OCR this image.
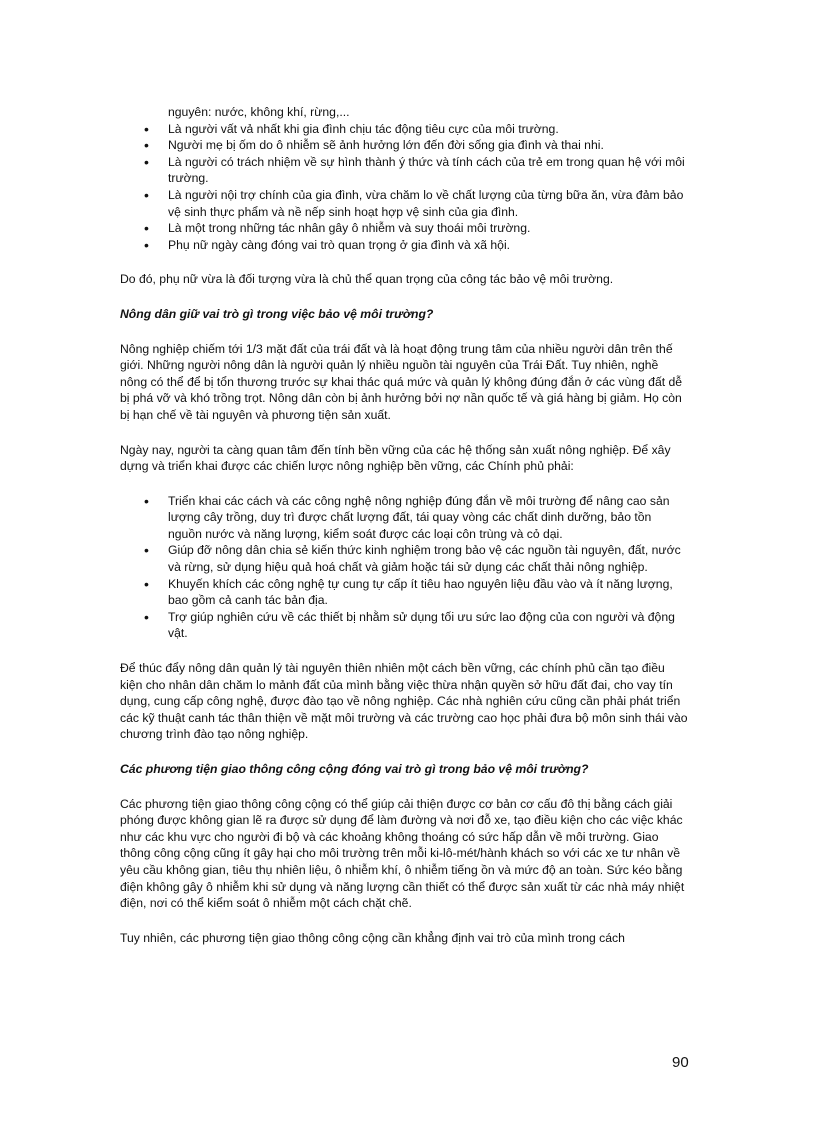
nguyên: nước, không khí, rừng,...

• Là người vất vả nhất khi gia đình chịu tác động tiêu cực của môi trường.
• Người mẹ bị ốm do ô nhiễm sẽ ảnh hưởng lớn đến đời sống gia đình và thai nhi.
• Là người có trách nhiệm về sự hình thành ý thức và tính cách của trẻ em trong quan hệ với môi trường.
• Là người nội trợ chính của gia đình, vừa chăm lo về chất lượng của từng bữa ăn, vừa đảm bảo vệ sinh thực phẩm và nề nếp sinh hoạt hợp vệ sinh của gia đình.
• Là một trong những tác nhân gây ô nhiễm và suy thoái môi trường.
• Phụ nữ ngày càng đóng vai trò quan trọng ở gia đình và xã hội.

Do đó, phụ nữ vừa là đối tượng vừa là chủ thể quan trọng của công tác bảo vệ môi trường.

Nông dân giữ vai trò gì trong việc bảo vệ môi trường?

Nông nghiệp chiếm tới 1/3 mặt đất của trái đất và là hoạt động trung tâm của nhiều người dân trên thế giới. Những người nông dân là người quản lý nhiều nguồn tài nguyên của Trái Đất. Tuy nhiên, nghề nông có thể để bị tổn thương trước sự khai thác quá mức và quản lý không đúng đắn ở các vùng đất dễ bị phá vỡ và khó trồng trọt. Nông dân còn bị ảnh hưởng bởi nợ nần quốc tế và giá hàng bị giảm. Họ còn bị hạn chế về tài nguyên và phương tiện sản xuất.

Ngày nay, người ta càng quan tâm đến tính bền vững của các hệ thống sản xuất nông nghiệp. Để xây dựng và triển khai được các chiến lược nông nghiệp bền vững, các Chính phủ phải:

• Triển khai các cách và các công nghệ nông nghiệp đúng đắn về môi trường để nâng cao sản lượng cây trồng, duy trì được chất lượng đất, tái quay vòng các chất dinh dưỡng, bảo tồn nguồn nước và năng lượng, kiểm soát được các loại côn trùng và cỏ dại.
• Giúp đỡ nông dân chia sẻ kiến thức kinh nghiệm trong bảo vệ các nguồn tài nguyên, đất, nước và rừng, sử dụng hiệu quả hoá chất và giảm hoặc tái sử dụng các chất thải nông nghiệp.
• Khuyến khích các công nghệ tự cung tự cấp ít tiêu hao nguyên liệu đầu vào và ít năng lượng, bao gồm cả canh tác bản địa.
• Trợ giúp nghiên cứu về các thiết bị nhằm sử dụng tối ưu sức lao động của con người và động vật.

Để thúc đẩy nông dân quản lý tài nguyên thiên nhiên một cách bền vững, các chính phủ cần tạo điều kiện cho nhân dân chăm lo mảnh đất của mình bằng việc thừa nhận quyền sở hữu đất đai, cho vay tín dụng, cung cấp công nghệ, được đào tạo về nông nghiệp. Các nhà nghiên cứu cũng cần phải phát triển các kỹ thuật canh tác thân thiện về mặt môi trường và các trường cao học phải đưa bộ môn sinh thái vào chương trình đào tạo nông nghiệp.

Các phương tiện giao thông công cộng đóng vai trò gì trong bảo vệ môi trường?

Các phương tiện giao thông công cộng có thể giúp cải thiện được cơ bản cơ cấu đô thị bằng cách giải phóng được không gian lẽ ra được sử dụng để làm đường và nơi đỗ xe, tạo điều kiện cho các việc khác như các khu vực cho người đi bộ và các khoảng không thoáng có sức hấp dẫn về môi trường. Giao thông công cộng cũng ít gây hại cho môi trường trên mỗi ki-lô-mét/hành khách so với các xe tư nhân về yêu cầu không gian, tiêu thụ nhiên liệu, ô nhiễm khí, ô nhiễm tiếng ồn và mức độ an toàn. Sức kéo bằng điện không gây ô nhiễm khi sử dụng và năng lượng cần thiết có thể được sản xuất từ các nhà máy nhiệt điện, nơi có thể kiểm soát ô nhiễm một cách chặt chẽ.

Tuy nhiên, các phương tiện giao thông công cộng cần khẳng định vai trò của mình trong cách

90
